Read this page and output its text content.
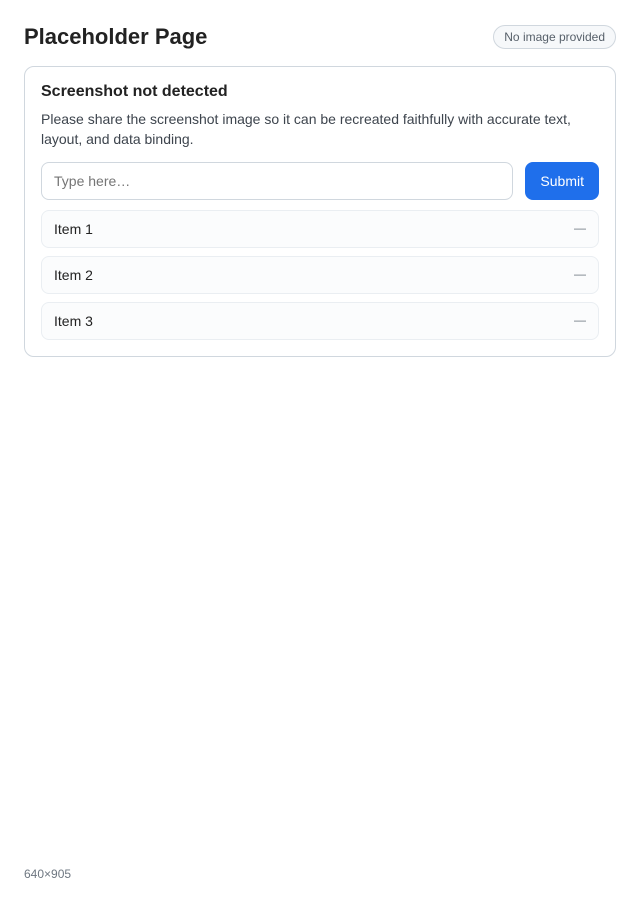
Placeholder Page	No image provided
Screenshot not detected

Please share the screenshot image so it can be recreated faithfully with accurate text, layout, and data binding.

Type here…
Submit
Item 1	—
Item 2	—
Item 3	—
640×905
